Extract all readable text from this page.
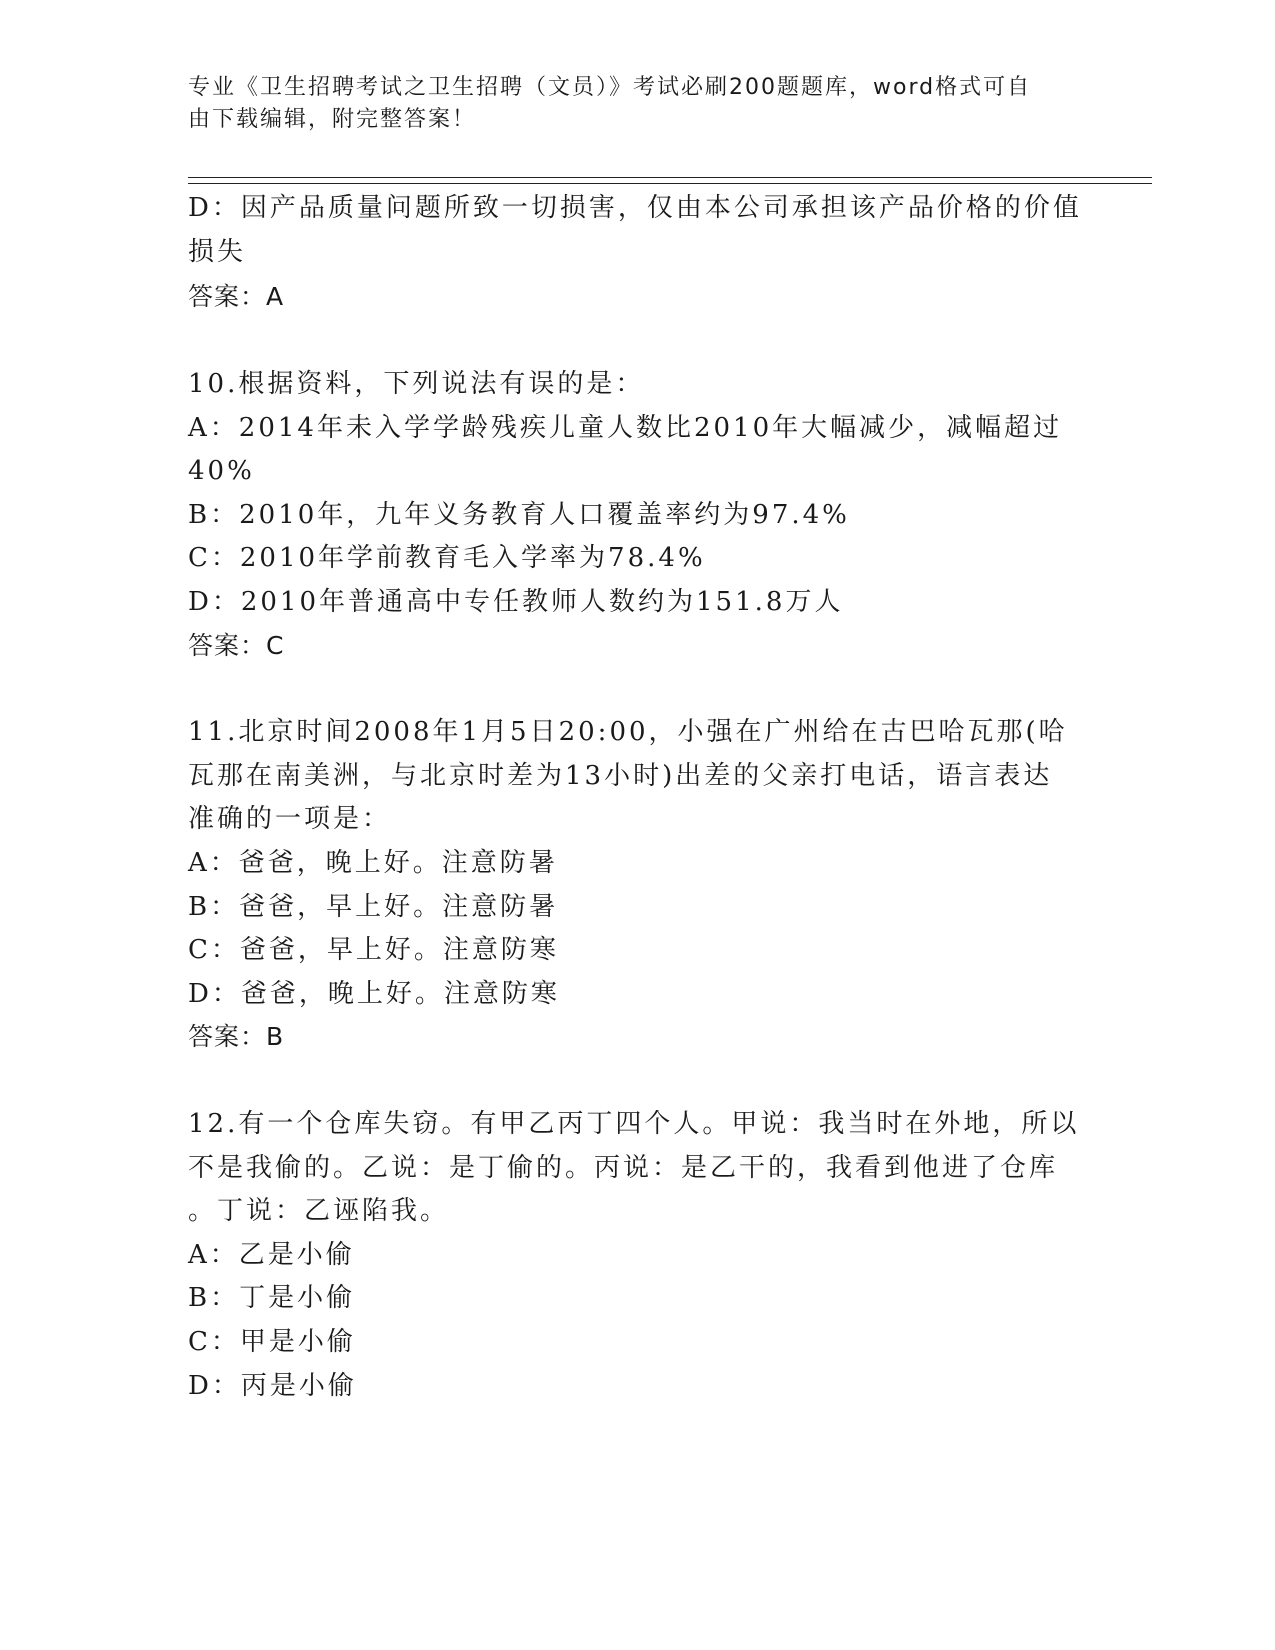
专业《卫生招聘考试之卫生招聘（文员）》考试必刷200题题库，word格式可自
由下载编辑，附完整答案！
D：因产品质量问题所致一切损害，仅由本公司承担该产品价格的价值
损失
答案：A
10.根据资料，下列说法有误的是：
A：2014年未入学学龄残疾儿童人数比2010年大幅减少，减幅超过
40%
B：2010年，九年义务教育人口覆盖率约为97.4%
C：2010年学前教育毛入学率为78.4%
D：2010年普通高中专任教师人数约为151.8万人
答案：C
11.北京时间2008年1月5日20:00，小强在广州给在古巴哈瓦那(哈
瓦那在南美洲，与北京时差为13小时)出差的父亲打电话，语言表达
准确的一项是：
A：爸爸，晚上好。注意防暑
B：爸爸，早上好。注意防暑
C：爸爸，早上好。注意防寒
D：爸爸，晚上好。注意防寒
答案：B
12.有一个仓库失窃。有甲乙丙丁四个人。甲说：我当时在外地，所以
不是我偷的。乙说：是丁偷的。丙说：是乙干的，我看到他进了仓库
。丁说：乙诬陷我。
A：乙是小偷
B：丁是小偷
C：甲是小偷
D：丙是小偷
